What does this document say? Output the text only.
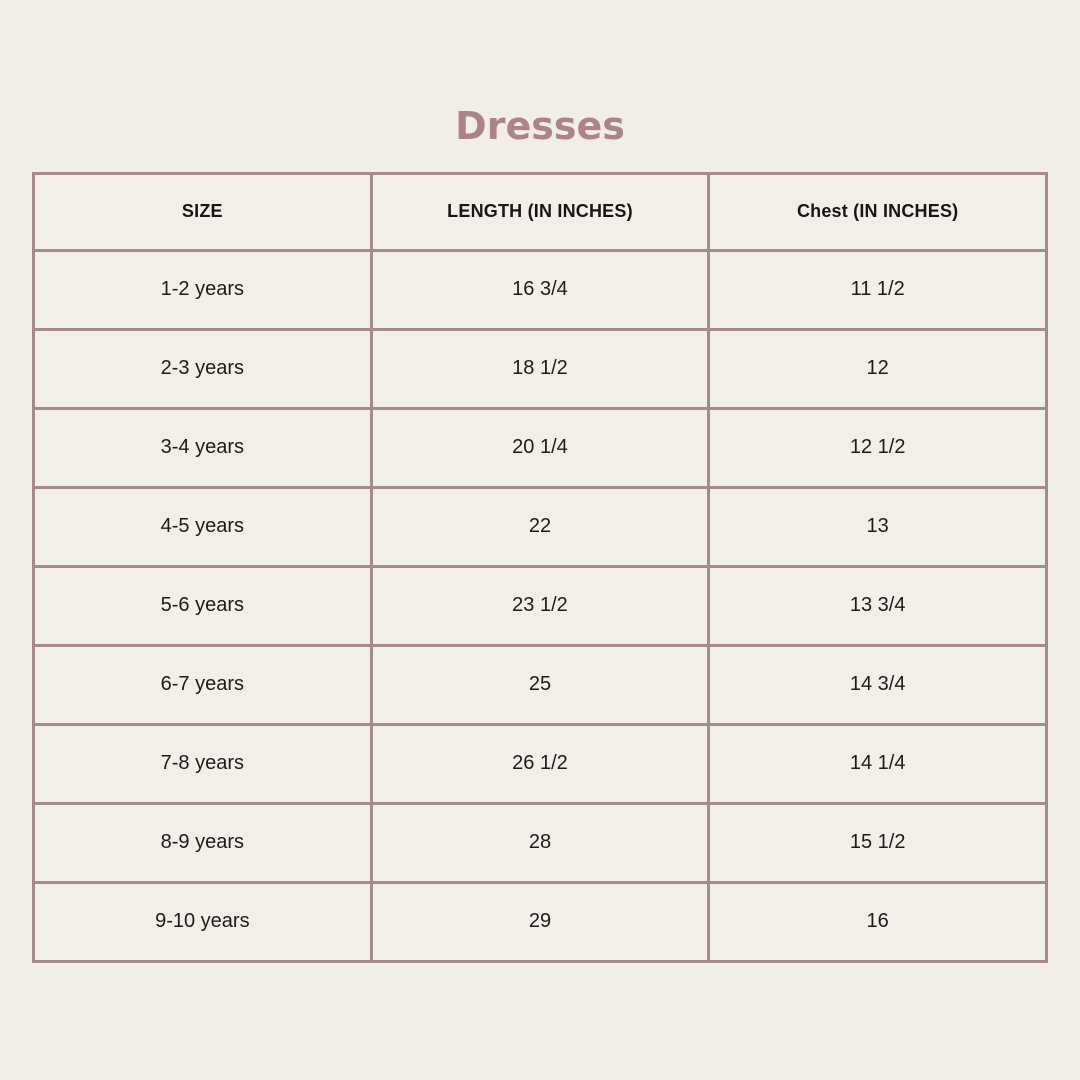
Dresses
SIZE	LENGTH (IN INCHES)	Chest (IN INCHES)
1-2 years	16 3/4	11 1/2
2-3 years	18 1/2	12
3-4 years	20 1/4	12 1/2
4-5 years	22	13
5-6 years	23 1/2	13 3/4
6-7 years	25	14 3/4
7-8 years	26 1/2	14 1/4
8-9 years	28	15 1/2
9-10 years	29	16
